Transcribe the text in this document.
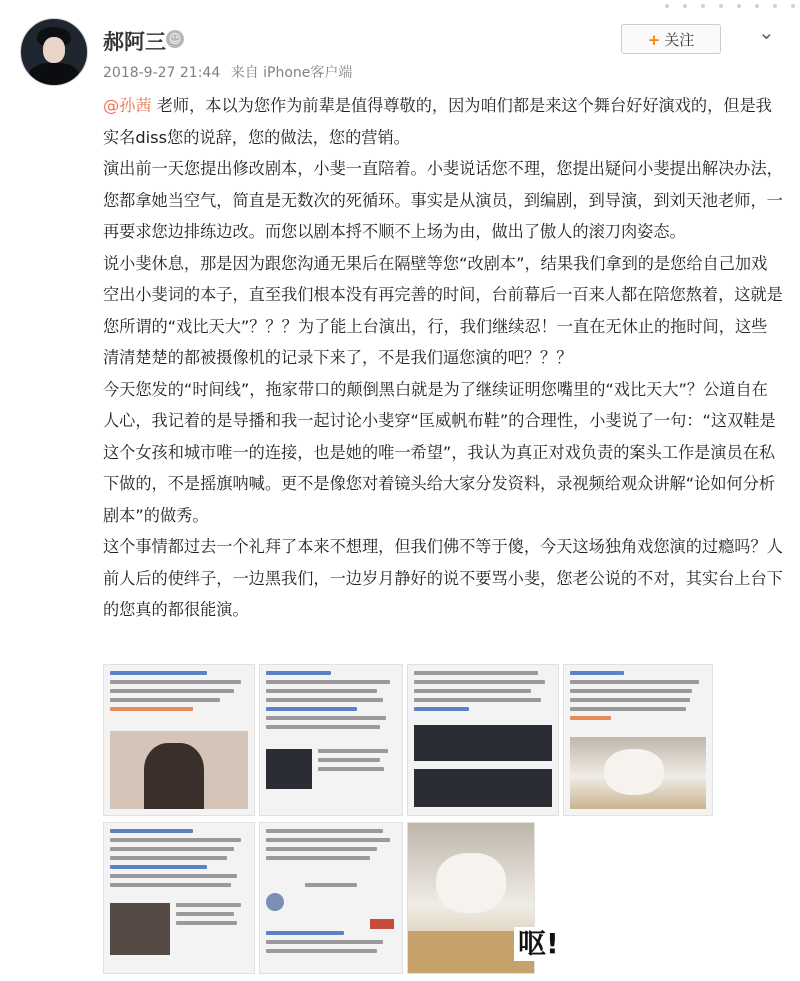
郝阿三 ☺
2018-9-27 21:44 来自 iPhone客户端
+ 关注	⌄

@孙茜 老师，本以为您作为前辈是值得尊敬的，因为咱们都是来这个舞台好好演戏的，但是我实名diss您的说辞，您的做法，您的营销。

演出前一天您提出修改剧本，小斐一直陪着。小斐说话您不理，您提出疑问小斐提出解决办法，您都拿她当空气，简直是无数次的死循环。事实是从演员，到编剧，到导演，到刘天池老师，一再要求您边排练边改。而您以剧本捋不顺不上场为由，做出了傲人的滚刀肉姿态。

说小斐休息，那是因为跟您沟通无果后在隔壁等您“改剧本”，结果我们拿到的是您给自己加戏空出小斐词的本子，直至我们根本没有再完善的时间，台前幕后一百来人都在陪您熬着，这就是您所谓的“戏比天大”？？？为了能上台演出，行，我们继续忍！一直在无休止的拖时间，这些清清楚楚的都被摄像机的记录下来了，不是我们逼您演的吧？？？

今天您发的“时间线”，拖家带口的颠倒黑白就是为了继续证明您嘴里的“戏比天大”？公道自在人心，我记着的是导播和我一起讨论小斐穿“匡威帆布鞋”的合理性，小斐说了一句：“这双鞋是这个女孩和城市唯一的连接，也是她的唯一希望”，我认为真正对戏负责的案头工作是演员在私下做的，不是摇旗呐喊。更不是像您对着镜头给大家分发资料，录视频给观众讲解“论如何分析剧本”的做秀。

这个事情都过去一个礼拜了本来不想理，但我们佛不等于傻，今天这场独角戏您演的过瘾吗？人前人后的使绊子，一边黑我们，一边岁月静好的说不要骂小斐，您老公说的不对，其实台上台下的您真的都很能演。

呕!
